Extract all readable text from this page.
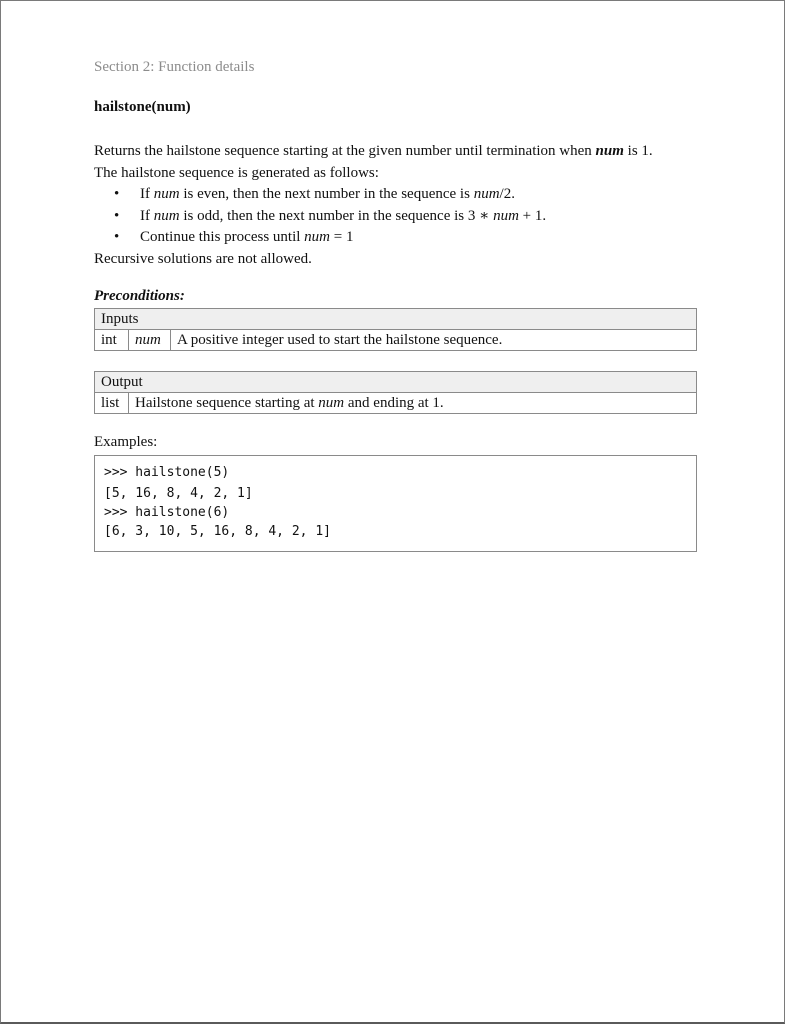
Section 2: Function details
hailstone(num)

Returns the hailstone sequence starting at the given number until termination when num is 1.

The hailstone sequence is generated as follows:

• If num is even, then the next number in the sequence is num/2.
• If num is odd, then the next number in the sequence is 3 ∗ num + 1.
• Continue this process until num = 1

Recursive solutions are not allowed.

Preconditions:
Inputs
int	num	A positive integer used to start the hailstone sequence.
Output
list	Hailstone sequence starting at num and ending at 1.
Examples:
>>> hailstone(5)
[5, 16, 8, 4, 2, 1]
>>> hailstone(6)
[6, 3, 10, 5, 16, 8, 4, 2, 1]
